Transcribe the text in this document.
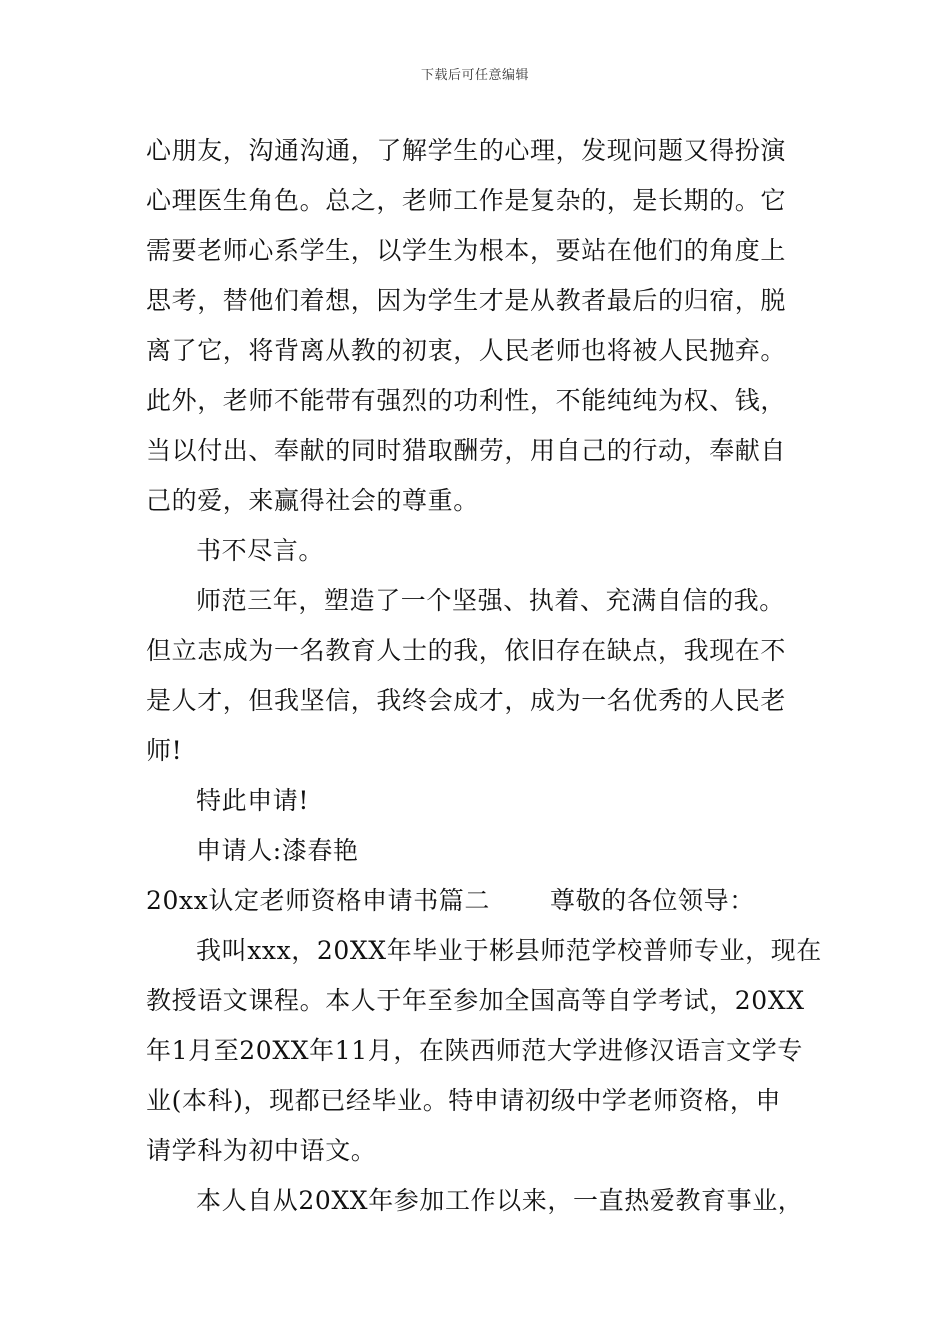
下载后可任意编辑
心朋友，沟通沟通，了解学生的心理，发现问题又得扮演
心理医生角色。总之，老师工作是复杂的，是长期的。它
需要老师心系学生，以学生为根本，要站在他们的角度上
思考，替他们着想，因为学生才是从教者最后的归宿，脱
离了它，将背离从教的初衷，人民老师也将被人民抛弃。
此外，老师不能带有强烈的功利性，不能纯纯为权、钱，
当以付出、奉献的同时猎取酬劳，用自己的行动，奉献自
己的爱，来赢得社会的尊重。
书不尽言。
师范三年，塑造了一个坚强、执着、充满自信的我。
但立志成为一名教育人士的我，依旧存在缺点，我现在不
是人才，但我坚信，我终会成才，成为一名优秀的人民老
师!
特此申请!
申请人:漆春艳
20xx认定老师资格申请书篇二 尊敬的各位领导：
我叫xxx，20XX年毕业于彬县师范学校普师专业，现在
教授语文课程。本人于年至参加全国高等自学考试，20XX
年1月至20XX年11月，在陕西师范大学进修汉语言文学专
业(本科)，现都已经毕业。特申请初级中学老师资格，申
请学科为初中语文。
本人自从20XX年参加工作以来，一直热爱教育事业，
